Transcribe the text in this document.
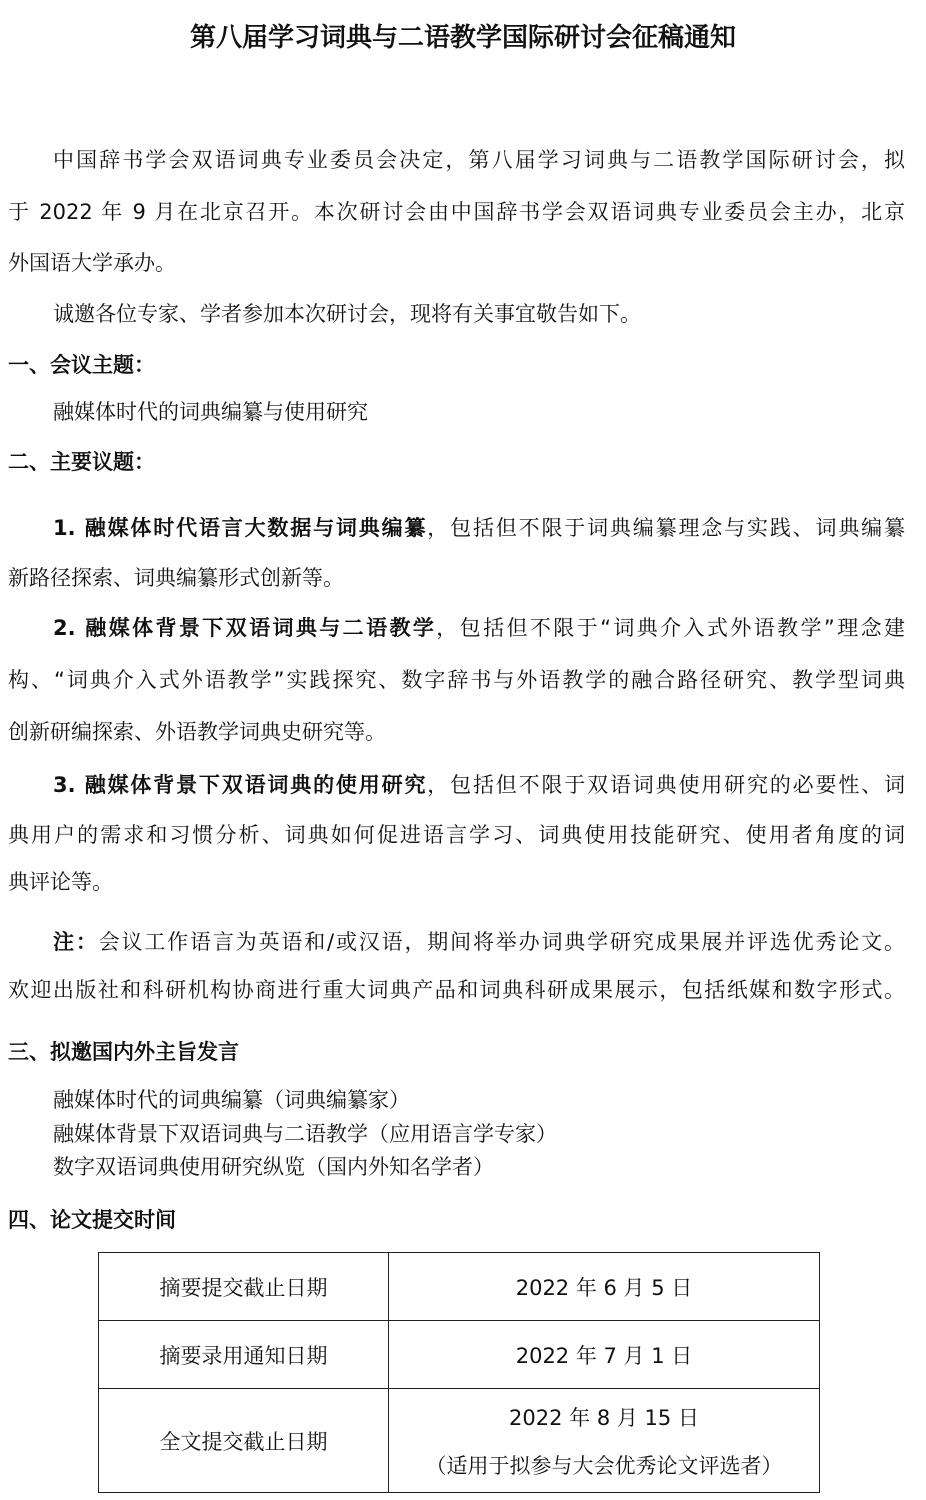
第八届学习词典与二语教学国际研讨会征稿通知
中国辞书学会双语词典专业委员会决定，第八届学习词典与二语教学国际研讨会，拟
于 2022 年 9 月在北京召开。本次研讨会由中国辞书学会双语词典专业委员会主办，北京
外国语大学承办。
诚邀各位专家、学者参加本次研讨会，现将有关事宜敬告如下。
一、会议主题：
融媒体时代的词典编纂与使用研究
二、主要议题：
1. 融媒体时代语言大数据与词典编纂，包括但不限于词典编纂理念与实践、词典编纂
新路径探索、词典编纂形式创新等。
2. 融媒体背景下双语词典与二语教学，包括但不限于“词典介入式外语教学”理念建
构、“词典介入式外语教学”实践探究、数字辞书与外语教学的融合路径研究、教学型词典
创新研编探索、外语教学词典史研究等。
3. 融媒体背景下双语词典的使用研究，包括但不限于双语词典使用研究的必要性、词
典用户的需求和习惯分析、词典如何促进语言学习、词典使用技能研究、使用者角度的词
典评论等。
注：会议工作语言为英语和/或汉语，期间将举办词典学研究成果展并评选优秀论文。
欢迎出版社和科研机构协商进行重大词典产品和词典科研成果展示，包括纸媒和数字形式。
三、拟邀国内外主旨发言
融媒体时代的词典编纂（词典编纂家）
融媒体背景下双语词典与二语教学（应用语言学专家）
数字双语词典使用研究纵览（国内外知名学者）
四、论文提交时间
摘要提交截止日期	2022 年 6 月 5 日
摘要录用通知日期	2022 年 7 月 1 日
全文提交截止日期	2022 年 8 月 15 日
（适用于拟参与大会优秀论文评选者）
